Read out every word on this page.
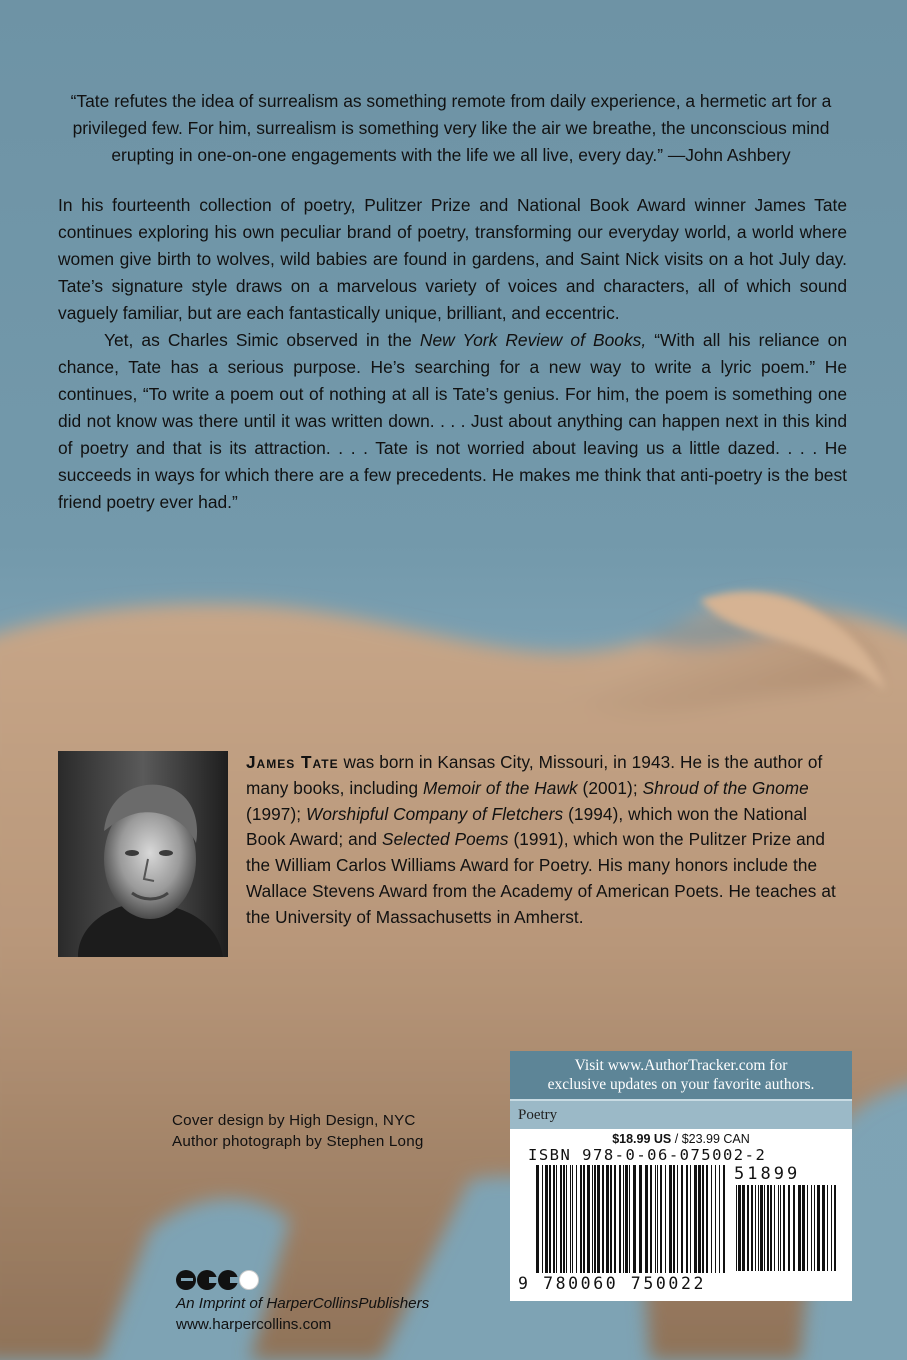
“Tate refutes the idea of surrealism as something remote from daily experience, a hermetic art for a privileged few. For him, surrealism is something very like the air we breathe, the unconscious mind erupting in one-on-one engagements with the life we all live, every day.” —John Ashbery

In his fourteenth collection of poetry, Pulitzer Prize and National Book Award winner James Tate continues exploring his own peculiar brand of poetry, transforming our everyday world, a world where women give birth to wolves, wild babies are found in gardens, and Saint Nick visits on a hot July day. Tate’s signature style draws on a marvelous variety of voices and characters, all of which sound vaguely familiar, but are each fantastically unique, brilliant, and eccentric.

Yet, as Charles Simic observed in the New York Review of Books, “With all his reliance on chance, Tate has a serious purpose. He’s searching for a new way to write a lyric poem.” He continues, “To write a poem out of nothing at all is Tate’s genius. For him, the poem is something one did not know was there until it was written down. . . . Just about anything can happen next in this kind of poetry and that is its attraction. . . . Tate is not worried about leaving us a little dazed. . . . He succeeds in ways for which there are a few precedents. He makes me think that anti-poetry is the best friend poetry ever had.”

James Tate was born in Kansas City, Missouri, in 1943. He is the author of many books, including Memoir of the Hawk (2001); Shroud of the Gnome (1997); Worshipful Company of Fletchers (1994), which won the National Book Award; and Selected Poems (1991), which won the Pulitzer Prize and the William Carlos Williams Award for Poetry. His many honors include the Wallace Stevens Award from the Academy of American Poets. He teaches at the University of Massachusetts in Amherst.
Cover design by High Design, NYC
Author photograph by Stephen Long
Visit www.AuthorTracker.com for
exclusive updates on your favorite authors.
Poetry
$18.99 US / $23.99 CAN
ISBN 978-0-06-075002-2
51899
9 780060 750022
An Imprint of HarperCollinsPublishers
www.harpercollins.com
